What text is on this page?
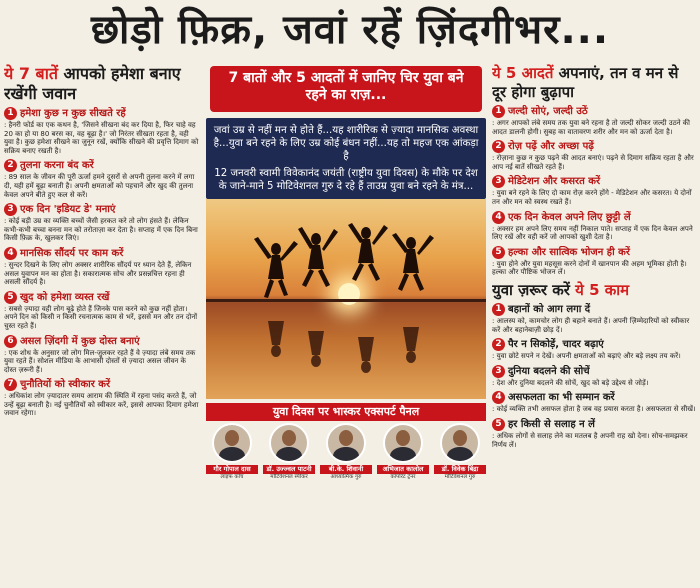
छोड़ो फ़िक्र, जवां रहें ज़िंदगीभर...
ये 7 बातें आपको हमेशा बनाए रखेंगी जवान
1 हमेशा कुछ न कुछ सीखते रहें
: हैनरी फोर्ड का एक कथन है, 'जिसने सीखना बंद कर दिया है, फिर चाहे वह 20 का हो या 80 बरस का, वह बूढ़ा है।' जो निरंतर सीखता रहता है, वही युवा है। कुछ हमेशा सीखने का जुनून रखें, क्योंकि सीखने की प्रवृत्ति दिमाग को सक्रिय बनाए रखती है।
2 तुलना करना बंद करें
: 89 साल के जीवन की पूरी ऊर्जा हमने दूसरों से अपनी तुलना करने में लगा दी, यही हमें बूढ़ा बनाती है। अपनी क्षमताओं को पहचानें और खुद की तुलना केवल अपने बीते हुए कल से करें।
3 एक दिन 'इडियट डे' मनाएं
: कोई बड़ी उम्र का व्यक्ति बच्चों जैसी हरकत करे तो लोग हंसते हैं। लेकिन कभी-कभी बच्चा बनना मन को तरोताज़ा कर देता है। सप्ताह में एक दिन बिना किसी फ़िक्र के, खुलकर जिएं।
4 मानसिक सौंदर्य पर काम करें
: सुन्दर दिखने के लिए लोग अक्सर शारीरिक सौंदर्य पर ध्यान देते हैं, लेकिन असल युवापन मन का होता है। सकारात्मक सोच और प्रसन्नचित्त रहना ही असली सौंदर्य है।
5 खुद को हमेशा व्यस्त रखें
: सबसे ज़्यादा वही लोग बूढ़े होते हैं जिनके पास करने को कुछ नहीं होता। अपने दिन को किसी न किसी रचनात्मक काम से भरें, इससे मन और तन दोनों चुस्त रहते हैं।
6 असल ज़िंदगी में कुछ दोस्त बनाएं
: एक शोध के अनुसार जो लोग मिल-जुलकर रहते हैं वे ज़्यादा लंबे समय तक युवा रहते हैं। सोशल मीडिया के आभासी दोस्तों से ज़्यादा असल जीवन के दोस्त ज़रूरी हैं।
7 चुनौतियों को स्वीकार करें
: अधिकांश लोग ज़्यादातर समय आराम की स्थिति में रहना पसंद करते हैं, जो उन्हें बूढ़ा बनाती है। नई चुनौतियों को स्वीकार करें, इससे आपका दिमाग हमेशा जवान रहेगा।
7 बातों और 5 आदतों में जानिए चिर युवा बने रहने का राज़...
जवां उम्र से नहीं मन से होते हैं...यह शारीरिक से ज़्यादा मानसिक अवस्था है...युवा बने रहने के लिए उम्र कोई बंधन नहीं...यह तो महज एक आंकड़ा है
12 जनवरी स्वामी विवेकानंद जयंती (राष्ट्रीय युवा दिवस) के मौके पर देश के जाने-माने 5 मोटिवेशनल गुरु दे रहे हैं ताउम्र युवा बने रहने के मंत्र...
युवा दिवस पर भास्कर एक्सपर्ट पैनल
गौर गोपाल दास
लाइफ कोच
डॉ. उज्ज्वल पाटनी
मोटिवेशनल स्पीकर
बी.के. शिवानी
आध्यात्मिक गुरु
अभिजात कालोल
कॉर्पोरेट ट्रेनर
डॉ. विवेक बिंद्रा
मोटिवेशनल गुरु
ये 5 आदतें अपनाएं, तन व मन से दूर होगा बुढ़ापा
1 जल्दी सोएं, जल्दी उठें
: अगर आपको लंबे समय तक युवा बने रहना है तो जल्दी सोकर जल्दी उठने की आदत डालनी होगी। सुबह का वातावरण शरीर और मन को ऊर्जा देता है।
2 रोज़ पढ़ें और अच्छा पढ़ें
: रोज़ाना कुछ न कुछ पढ़ने की आदत बनाएं। पढ़ने से दिमाग सक्रिय रहता है और आप नई बातें सीखते रहते हैं।
3 मेडिटेशन और कसरत करें
: युवा बने रहने के लिए दो काम रोज़ करने होंगे - मेडिटेशन और कसरत। ये दोनों तन और मन को स्वस्थ रखते हैं।
4 एक दिन केवल अपने लिए छुट्टी लें
: अक्सर हम अपने लिए समय नहीं निकाल पाते। सप्ताह में एक दिन केवल अपने लिए रखें और वही करें जो आपको खुशी देता है।
5 हल्का और सात्विक भोजन ही करें
: युवा होने और युवा महसूस करने दोनों में खानपान की अहम भूमिका होती है। हल्का और पौष्टिक भोजन लें।
युवा ज़रूर करें ये 5 काम
1 बहानों को आग लगा दें
: आलस्य को, कामचोर लोग ही बहाने बनाते हैं। अपनी ज़िम्मेदारियों को स्वीकार करें और बहानेबाज़ी छोड़ दें।
2 पैर न सिकोड़ें, चादर बढ़ाएं
: युवा छोटे सपने न देखें। अपनी क्षमताओं को बढ़ाएं और बड़े लक्ष्य तय करें।
3 दुनिया बदलने की सोचें
: देश और दुनिया बदलने की सोचें, खुद को बड़े उद्देश्य से जोड़ें।
4 असफलता का भी सम्मान करें
: कोई व्यक्ति तभी असफल होता है जब वह प्रयास करता है। असफलता से सीखें।
5 हर किसी से सलाह न लें
: अधिक लोगों से सलाह लेने का मतलब है अपनी राह खो देना। सोच-समझकर निर्णय लें।
